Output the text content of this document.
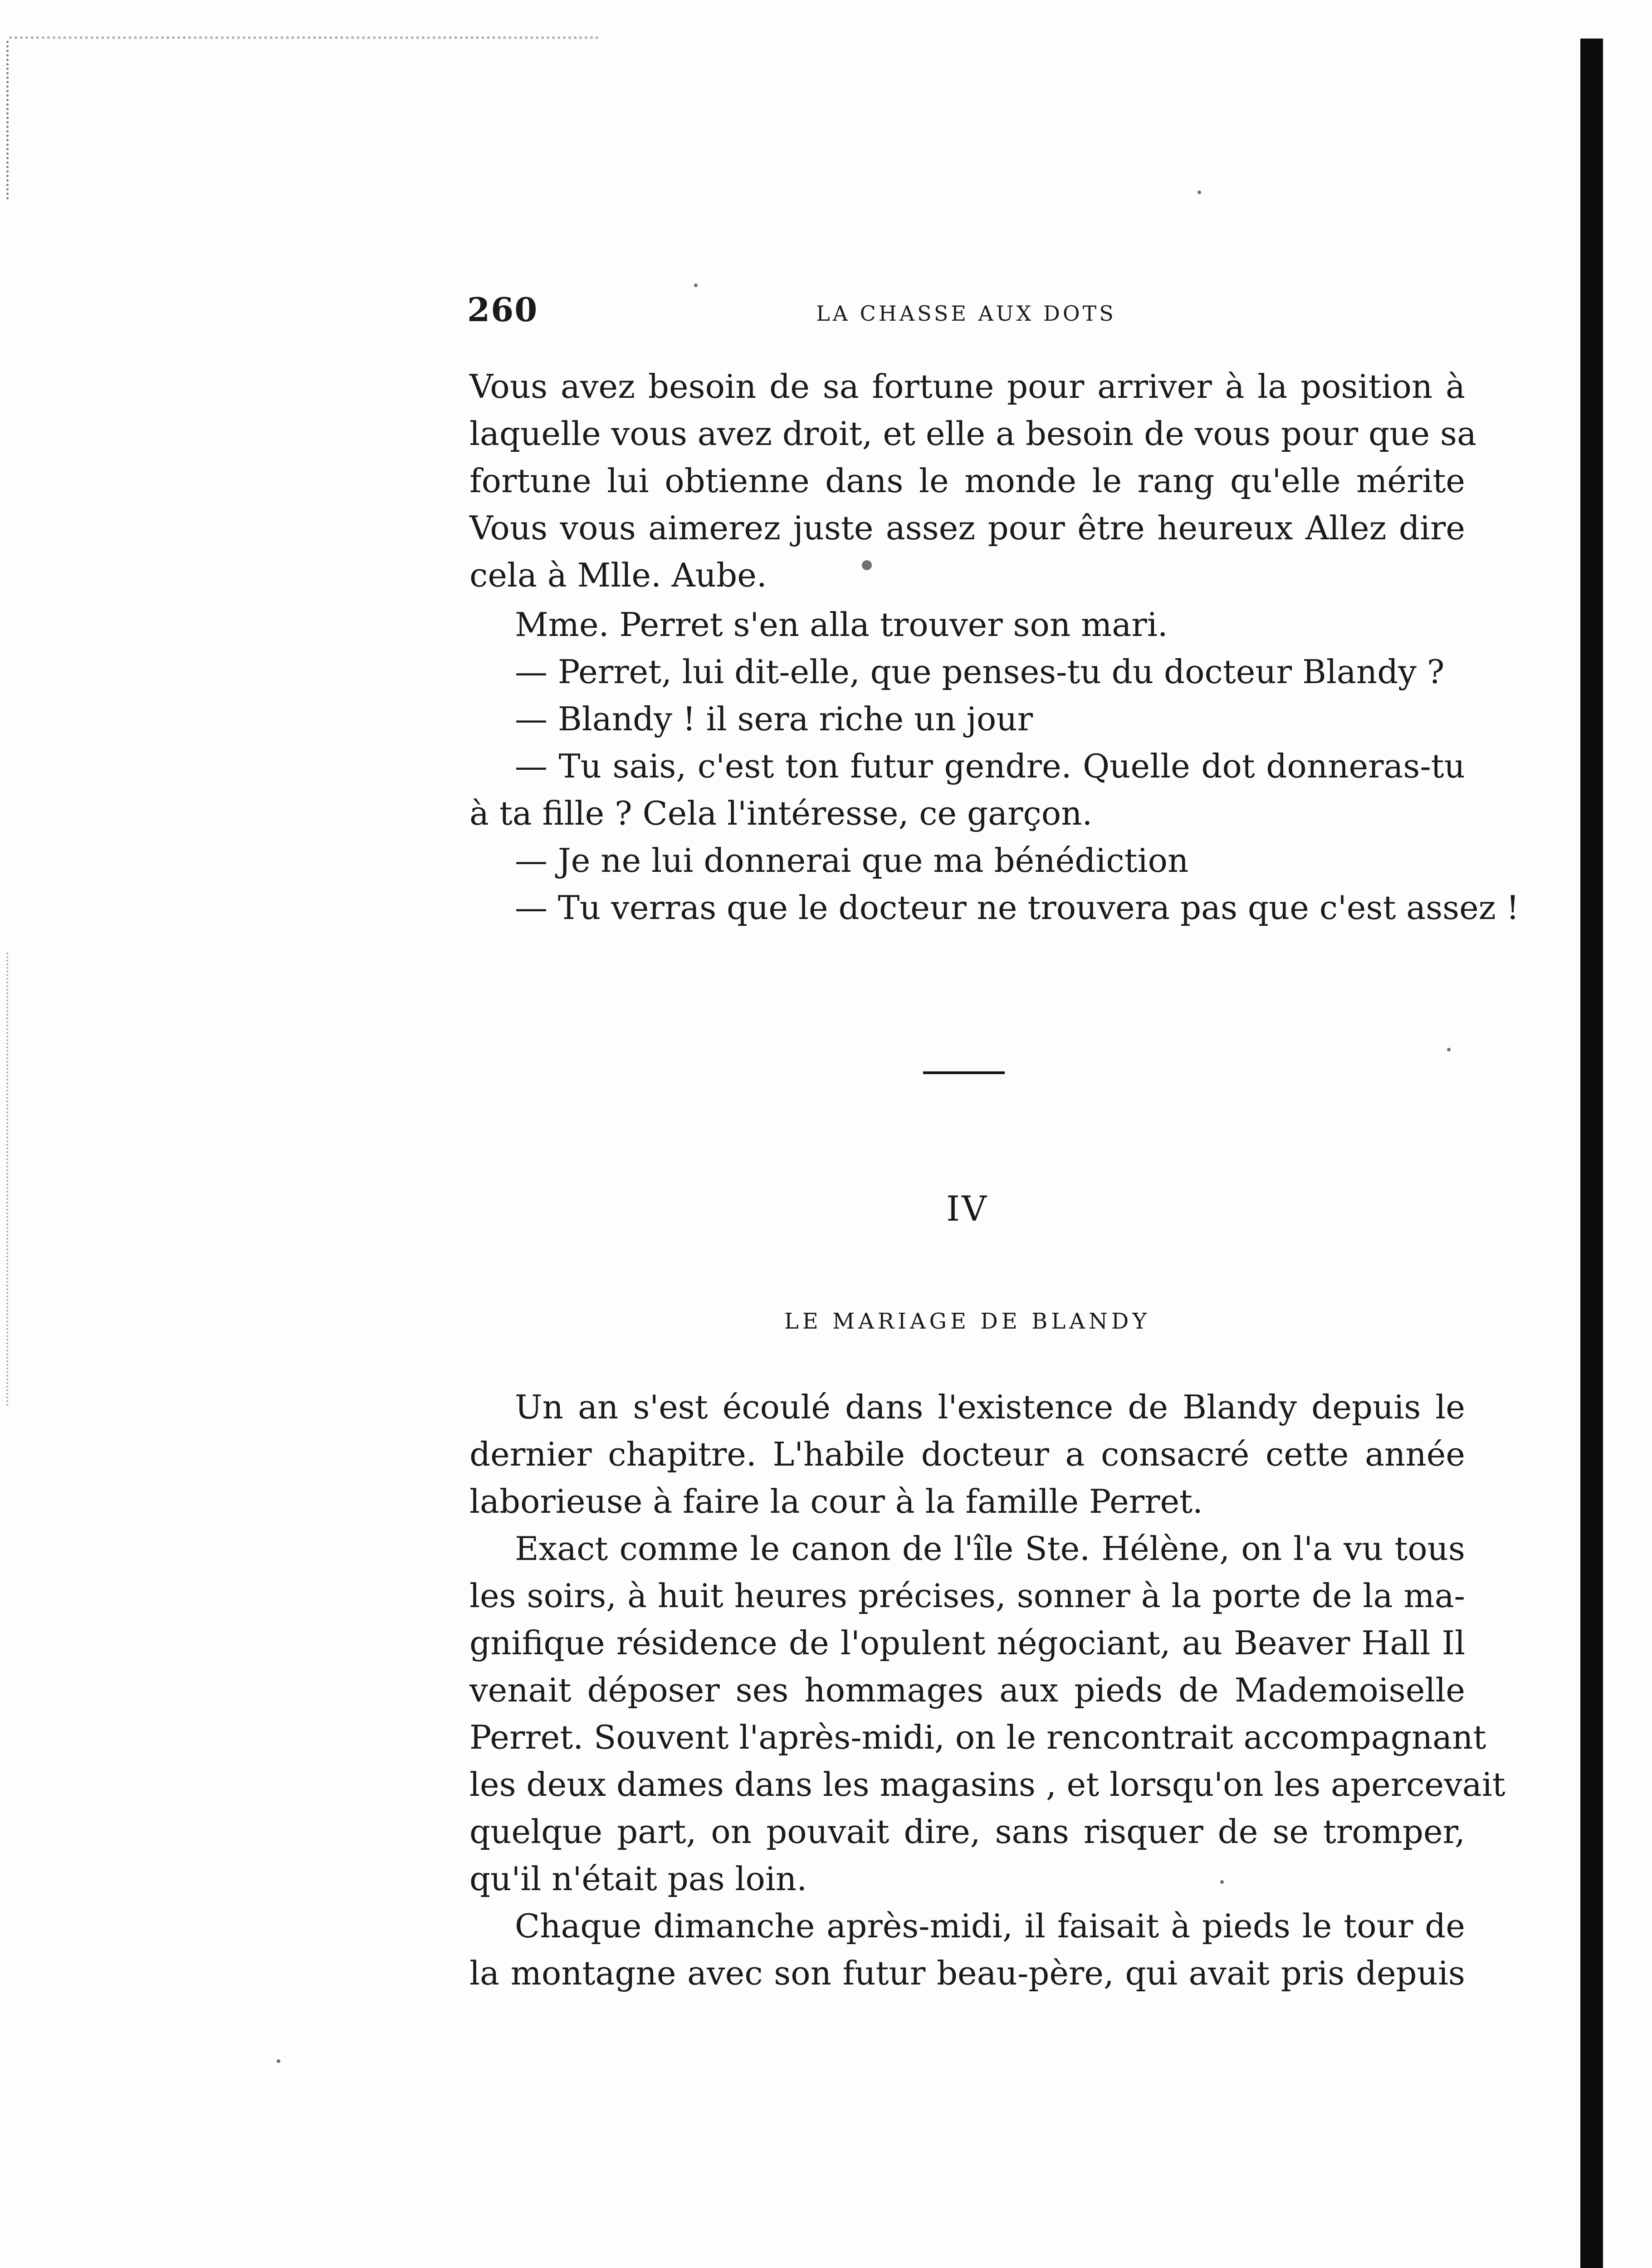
260	LA CHASSE AUX DOTS
Vous avez besoin de sa fortune pour arriver à la position à
laquelle vous avez droit, et elle a besoin de vous pour que sa
fortune lui obtienne dans le monde le rang qu'elle mérite
Vous vous aimerez juste assez pour être heureux Allez dire
cela à Mlle. Aube.
Mme. Perret s'en alla trouver son mari.
— Perret, lui dit-elle, que penses-tu du docteur Blandy ?
— Blandy ! il sera riche un jour
— Tu sais, c'est ton futur gendre. Quelle dot donneras-tu
à ta fille ? Cela l'intéresse, ce garçon.
— Je ne lui donnerai que ma bénédiction
— Tu verras que le docteur ne trouvera pas que c'est assez !
IV
LE MARIAGE DE BLANDY
Un an s'est écoulé dans l'existence de Blandy depuis le
dernier chapitre. L'habile docteur a consacré cette année
laborieuse à faire la cour à la famille Perret.
Exact comme le canon de l'île Ste. Hélène, on l'a vu tous
les soirs, à huit heures précises, sonner à la porte de la ma-
gnifique résidence de l'opulent négociant, au Beaver Hall Il
venait déposer ses hommages aux pieds de Mademoiselle
Perret. Souvent l'après-midi, on le rencontrait accompagnant
les deux dames dans les magasins , et lorsqu'on les apercevait
quelque part, on pouvait dire, sans risquer de se tromper,
qu'il n'était pas loin.
Chaque dimanche après-midi, il faisait à pieds le tour de
la montagne avec son futur beau-père, qui avait pris depuis
